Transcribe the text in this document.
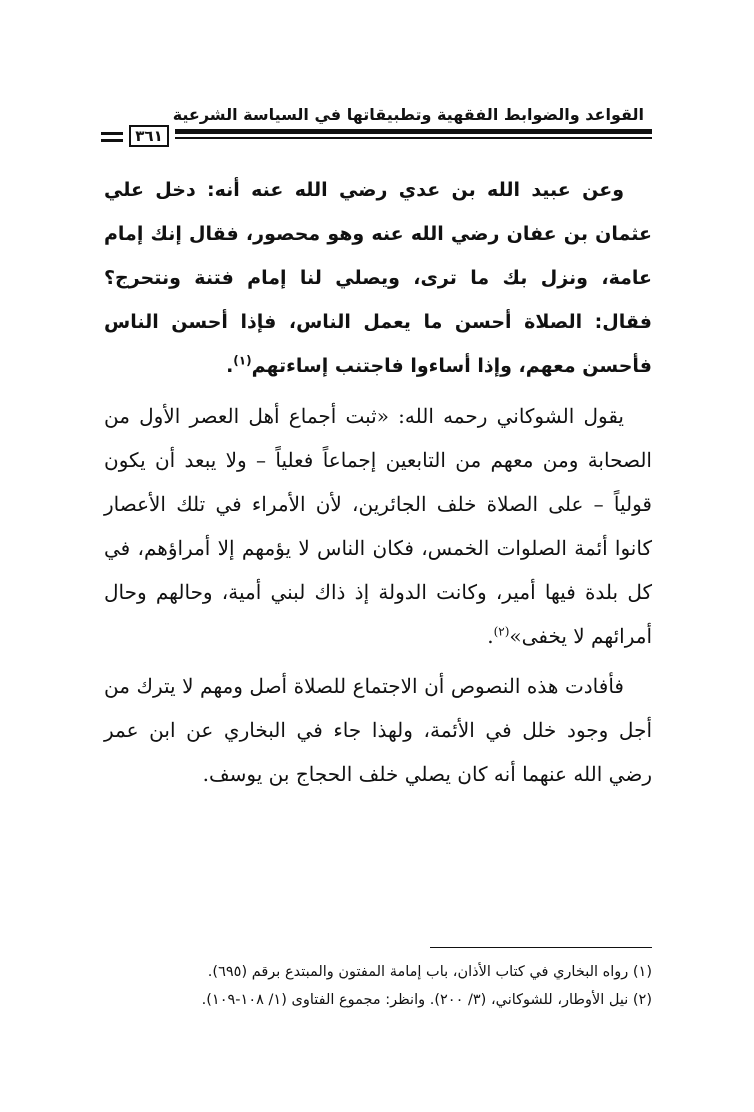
القواعد والضوابط الفقهية وتطبيقاتها في السياسة الشرعية
٣٦١

وعن عبيد الله بن عدي رضي الله عنه أنه: دخل علي عثمان بن عفان رضي الله عنه وهو محصور، فقال إنك إمام عامة، ونزل بك ما ترى، ويصلي لنا إمام فتنة ونتحرج؟ فقال: الصلاة أحسن ما يعمل الناس، فإذا أحسن الناس فأحسن معهم، وإذا أساءوا فاجتنب إساءتهم$^{(١)}$.

يقول الشوكاني رحمه الله: «ثبت أجماع أهل العصر الأول من الصحابة ومن معهم من التابعين إجماعاً فعلياً – ولا يبعد أن يكون قولياً – على الصلاة خلف الجائرين، لأن الأمراء في تلك الأعصار كانوا أئمة الصلوات الخمس، فكان الناس لا يؤمهم إلا أمراؤهم، في كل بلدة فيها أمير، وكانت الدولة إذ ذاك لبني أمية، وحالهم وحال أمرائهم لا يخفى»$^{(٢)}$.

فأفادت هذه النصوص أن الاجتماع للصلاة أصل ومهم لا يترك من أجل وجود خلل في الأئمة، ولهذا جاء في البخاري عن ابن عمر رضي الله عنهما أنه كان يصلي خلف الحجاج بن يوسف.

(١) رواه البخاري في كتاب الأذان، باب إمامة المفتون والمبتدع برقم (٦٩٥).
(٢) نيل الأوطار، للشوكاني، (٣/ ٢٠٠). وانظر: مجموع الفتاوى (١/ ١٠٨-١٠٩).
